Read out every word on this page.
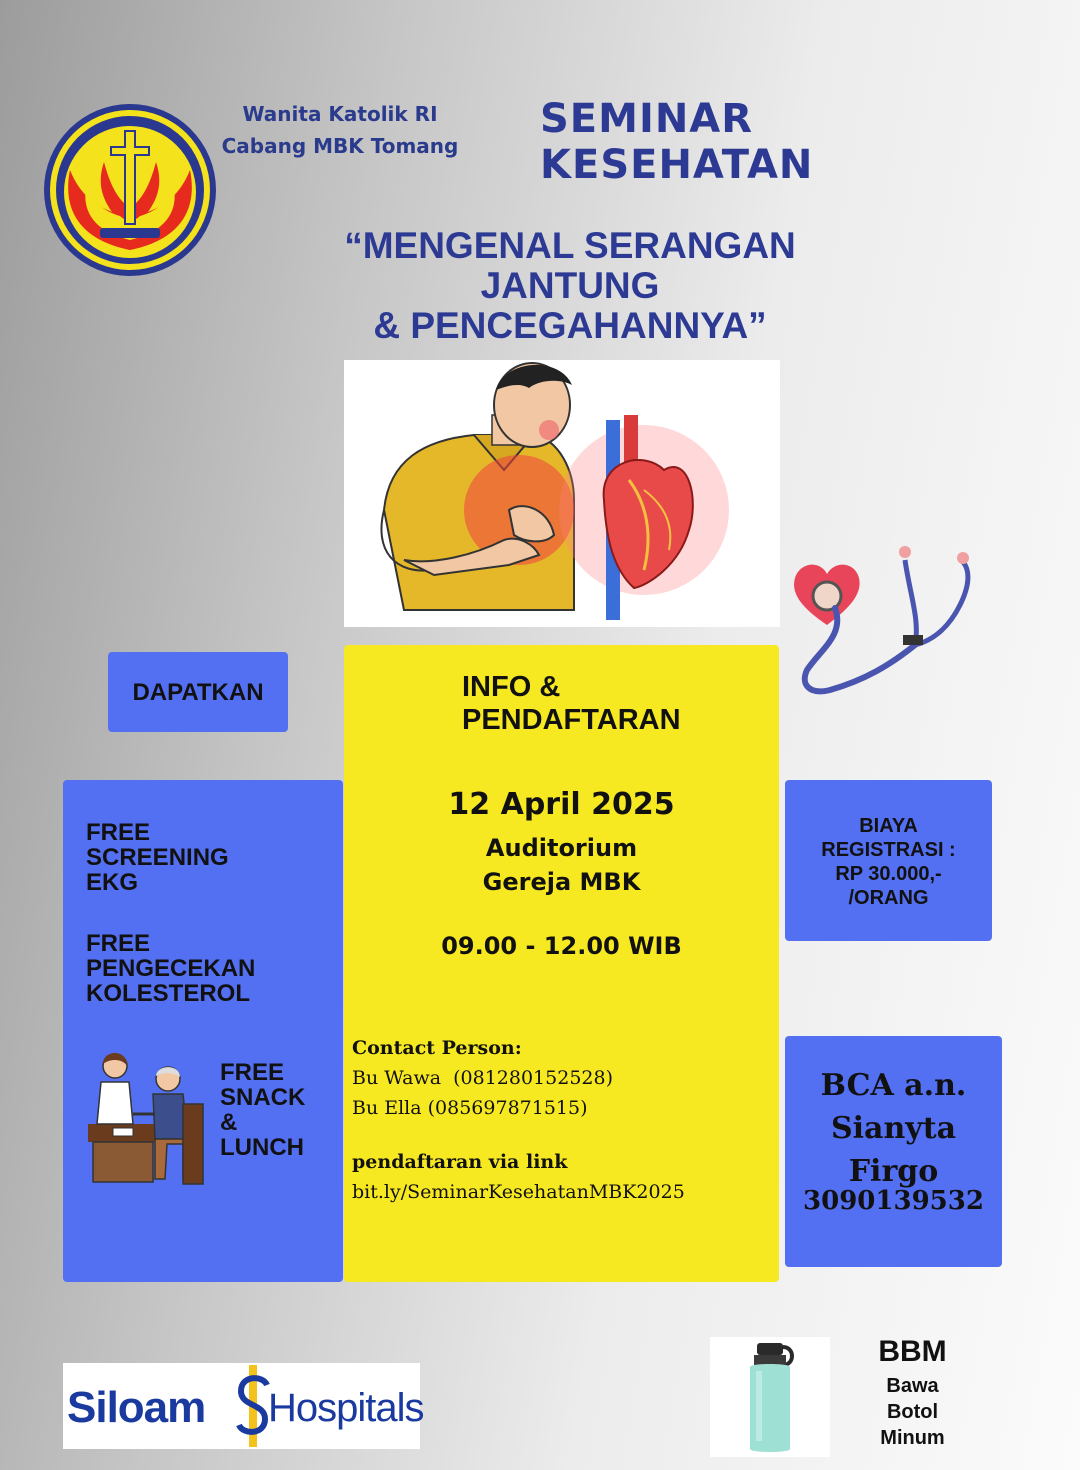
Wanita Katolik RI
Cabang MBK Tomang
SEMINAR KESEHATAN
“MENGENAL SERANGAN
JANTUNG
& PENCEGAHANNYA”
DAPATKAN
FREE
SCREENING
EKG
FREE
PENGECEKAN
KOLESTEROL
FREE
SNACK
&
LUNCH
INFO &
PENDAFTARAN
12 April 2025
Auditorium
Gereja MBK
09.00 - 12.00 WIB
Contact Person:
Bu Wawa  (081280152528)
Bu Ella (085697871515)
pendaftaran via link
bit.ly/SeminarKesehatanMBK2025
BIAYA
REGISTRASI :
RP 30.000,-
/ORANG
BCA a.n.
Sianyta
Firgo
3090139532
Siloam Hospitals
BBM
Bawa
Botol
Minum
